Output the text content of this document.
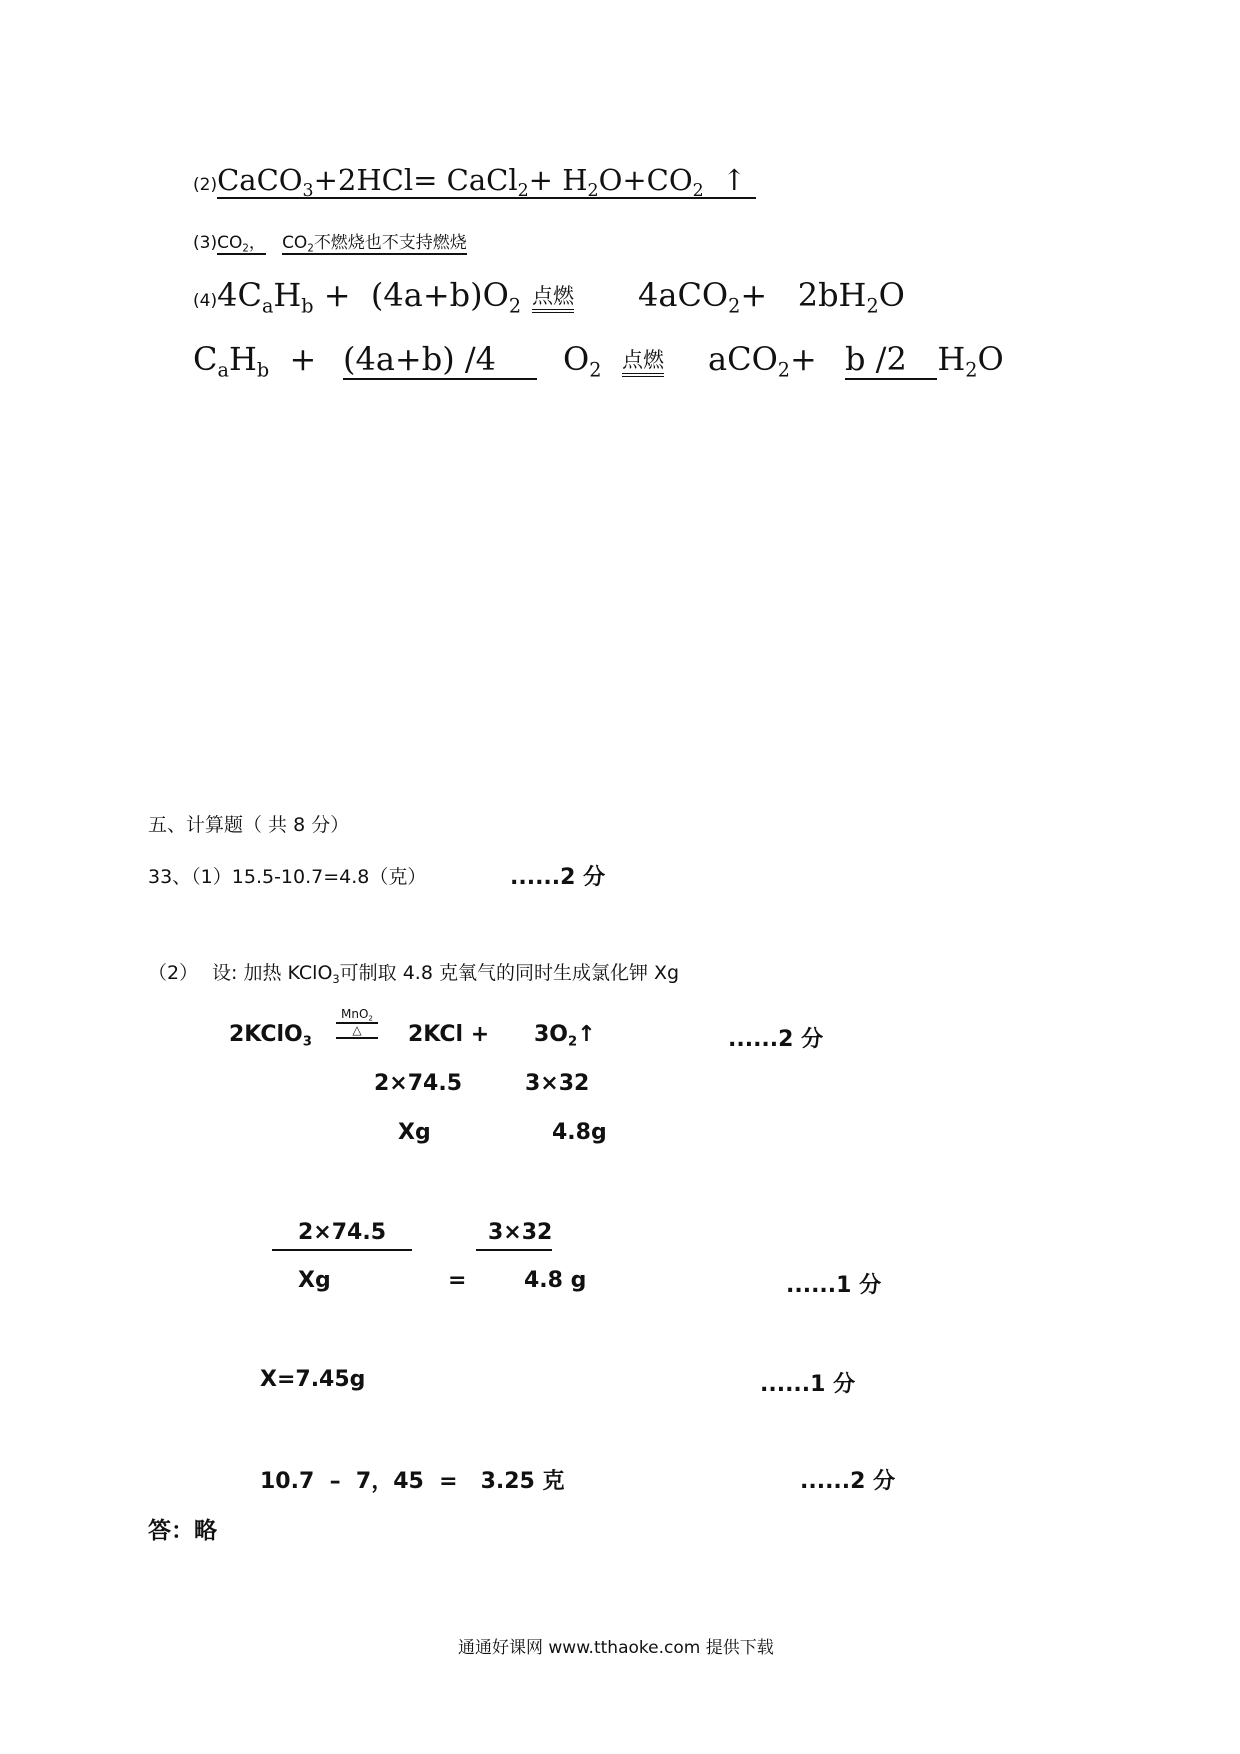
(2)CaCO$_3$+2HCl= CaCl$_2$+ $H_2O+CO_2$ ↑
$(3)CO_2$， $CO_2$不燃烧也不支持燃烧
$(4)4C_aH_b + (4a+b)O_2$ 点燃 $4aCO_2+ 2bH_2O$
$C_aH_b + (4a+b)$ /4	$O_2$ 点燃 aCO$_2$+ b /2 $H_2O$
五、计算题（ 共 8 分）
33、（1）15.5-10.7=4.8（克）	......2 分
（2） 设: 加热 KClO$_3$可制取 4.8 克氧气的同时生成氯化钾 Xg
2KClO$_3$
MnO$_2$
△	$2KCl + 3O_2↑$	......2 分
2×74.5	3×32
Xg	4.8g
2×74.5	3×32
Xg	=	4.8 g	......1 分
X=7.45g	......1 分
10.7  –  7，45  =   3.25 克	......2 分
答：略
通通好课网 www.tthaoke.com 提供下载
